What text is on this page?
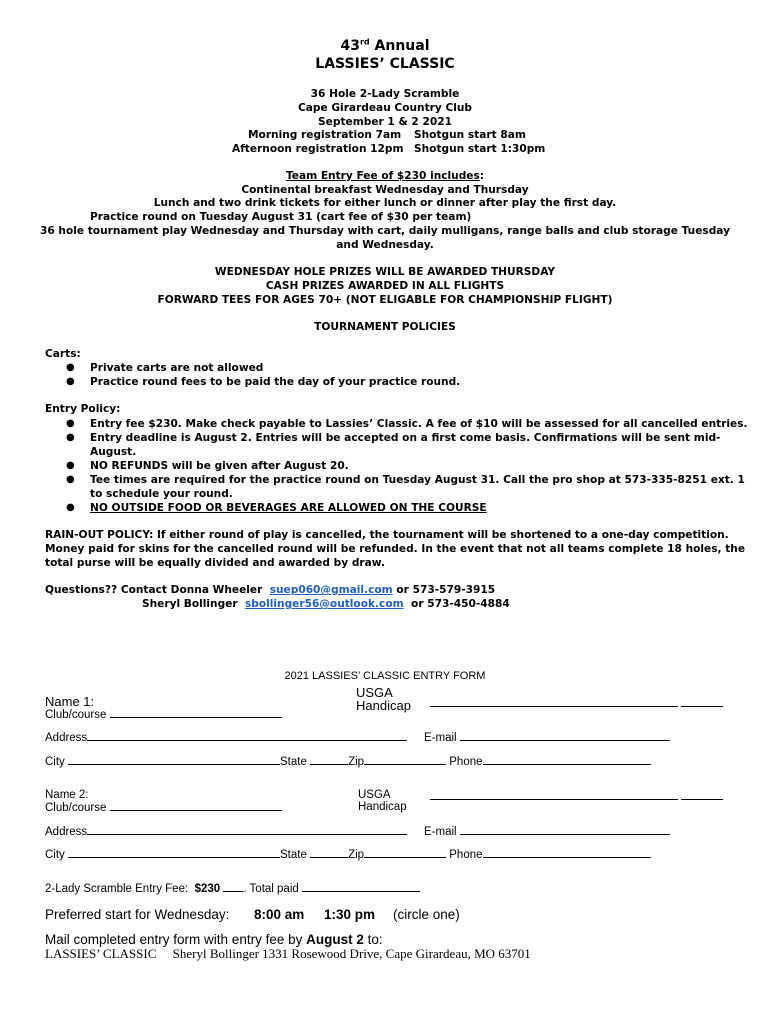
43rd Annual
LASSIES’ CLASSIC
36 Hole 2-Lady Scramble
Cape Girardeau Country Club
September 1 & 2 2021
Morning registration 7am Shotgun start 8am
Afternoon registration 12pm Shotgun start 1:30pm
Team Entry Fee of $230 includes:
Continental breakfast Wednesday and Thursday
Lunch and two drink tickets for either lunch or dinner after play the first day.
Practice round on Tuesday August 31 (cart fee of $30 per team)
36 hole tournament play Wednesday and Thursday with cart, daily mulligans, range balls and club storage Tuesday
and Wednesday.
WEDNESDAY HOLE PRIZES WILL BE AWARDED THURSDAY
CASH PRIZES AWARDED IN ALL FLIGHTS
FORWARD TEES FOR AGES 70+ (NOT ELIGABLE FOR CHAMPIONSHIP FLIGHT)
TOURNAMENT POLICIES
Carts:
● Private carts are not allowed
● Practice round fees to be paid the day of your practice round.
Entry Policy:
● Entry fee $230. Make check payable to Lassies’ Classic. A fee of $10 will be assessed for all cancelled entries.
● Entry deadline is August 2. Entries will be accepted on a first come basis. Confirmations will be sent mid-
August.
● NO REFUNDS will be given after August 20.
● Tee times are required for the practice round on Tuesday August 31. Call the pro shop at 573-335-8251 ext. 1
to schedule your round.
● NO OUTSIDE FOOD OR BEVERAGES ARE ALLOWED ON THE COURSE
RAIN-OUT POLICY: If either round of play is cancelled, the tournament will be shortened to a one-day competition.
Money paid for skins for the cancelled round will be refunded. In the event that not all teams complete 18 holes, the
total purse will be equally divided and awarded by draw.
Questions?? Contact Donna Wheeler suep060@gmail.com or 573-579-3915
Sheryl Bollinger sbollinger56@outlook.com or 573-450-4884
2021 LASSIES’ CLASSIC ENTRY FORM
Name 1:
Club/course
USGA
Handicap

Address	E-mail
City	State	Zip	Phone
Name 2:
Club/course
USGA
Handicap

Address	E-mail
City	State	Zip	Phone
2-Lady Scramble Entry Fee: $230 . Total paid
Preferred start for Wednesday: 8:00 am 1:30 pm (circle one)
Mail completed entry form with entry fee by August 2 to:
LASSIES’ CLASSIC Sheryl Bollinger 1331 Rosewood Drive, Cape Girardeau, MO 63701
